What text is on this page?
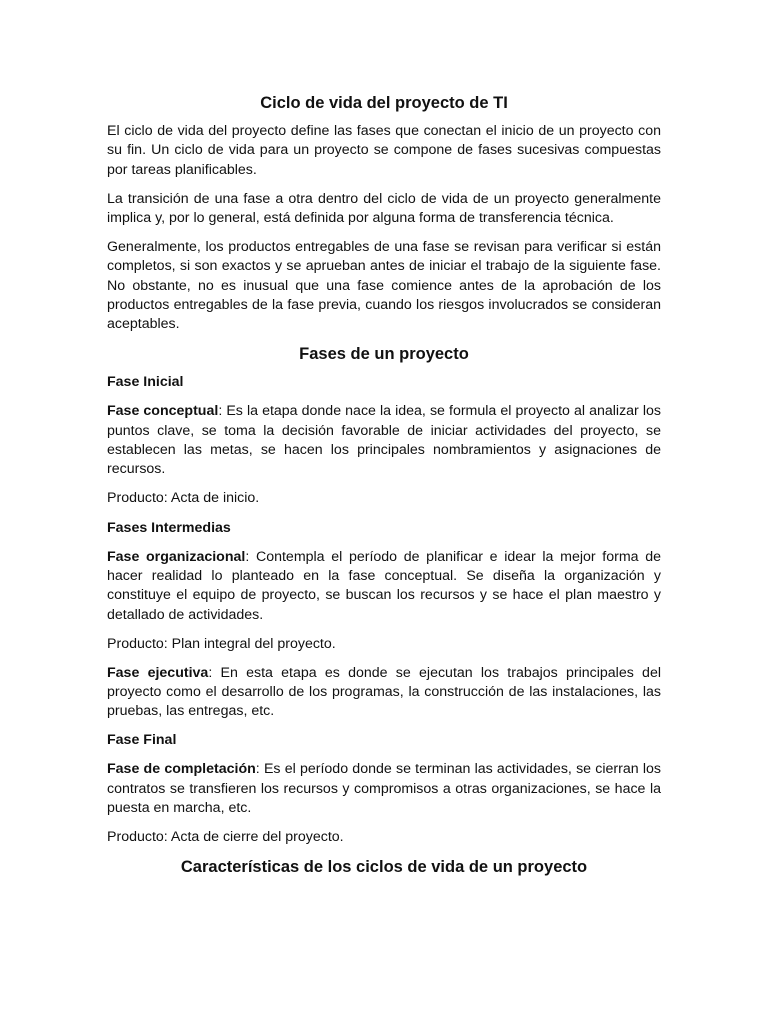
Ciclo de vida del proyecto de TI

El ciclo de vida del proyecto define las fases que conectan el inicio de un proyecto con su fin. Un ciclo de vida para un proyecto se compone de fases sucesivas compuestas por tareas planificables.

La transición de una fase a otra dentro del ciclo de vida de un proyecto generalmente implica y, por lo general, está definida por alguna forma de transferencia técnica.

Generalmente, los productos entregables de una fase se revisan para verificar si están completos, si son exactos y se aprueban antes de iniciar el trabajo de la siguiente fase. No obstante, no es inusual que una fase comience antes de la aprobación de los productos entregables de la fase previa, cuando los riesgos involucrados se consideran aceptables.

Fases de un proyecto
Fase Inicial

Fase conceptual: Es la etapa donde nace la idea, se formula el proyecto al analizar los puntos clave, se toma la decisión favorable de iniciar actividades del proyecto, se establecen las metas, se hacen los principales nombramientos y asignaciones de recursos.

Producto: Acta de inicio.

Fases Intermedias

Fase organizacional: Contempla el período de planificar e idear la mejor forma de hacer realidad lo planteado en la fase conceptual. Se diseña la organización y constituye el equipo de proyecto, se buscan los recursos y se hace el plan maestro y detallado de actividades.

Producto: Plan integral del proyecto.

Fase ejecutiva: En esta etapa es donde se ejecutan los trabajos principales del proyecto como el desarrollo de los programas, la construcción de las instalaciones, las pruebas, las entregas, etc.

Fase Final

Fase de completación: Es el período donde se terminan las actividades, se cierran los contratos se transfieren los recursos y compromisos a otras organizaciones, se hace la puesta en marcha, etc.

Producto: Acta de cierre del proyecto.

Características de los ciclos de vida de un proyecto
